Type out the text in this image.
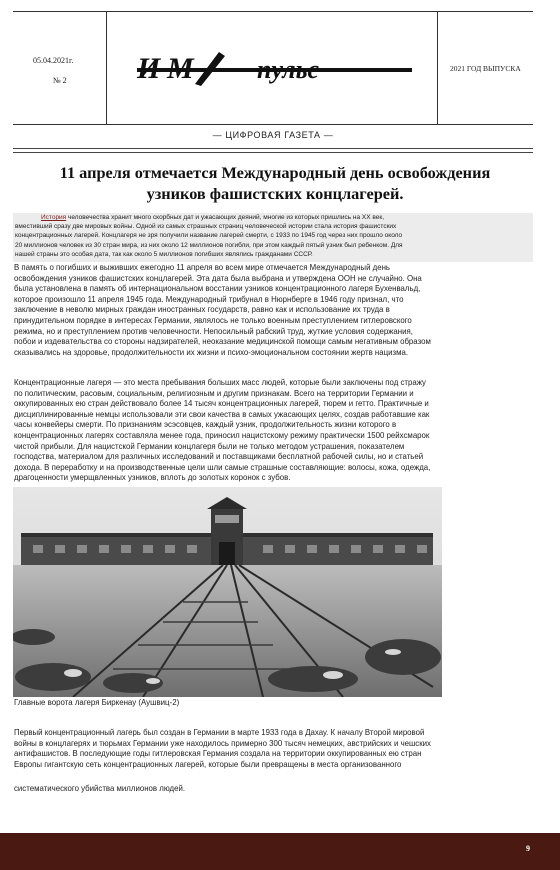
05.04.2021г.
№ 2 И М пульс	2021 ГОД ВЫПУСКА
— ЦИФРОВАЯ ГАЗЕТА —
11 апреля отмечается Международный день освобождения
узников фашистских концлагерей.
История человечества хранит много скорбных дат и ужасающих деяний, многие из которых пришлись на XX век,
вместивший сразу две мировых войны. Одной из самых страшных страниц человеческой истории стала история фашистских
концентрационных лагерей. Концлагеря не зря получили название лагерей смерти, с 1933 по 1945 год через них прошло около
20 миллионов человек из 30 стран мира, из них около 12 миллионов погибли, при этом каждый пятый узник был ребенком. Для
нашей страны это особая дата, так как около 5 миллионов погибших являлись гражданами СССР.
В память о погибших и выживших ежегодно 11 апреля во всем мире отмечается Международный день
освобождения узников фашистских концлагерей. Эта дата была выбрана и утверждена ООН не случайно. Она
была установлена в память об интернациональном восстании узников концентрационного лагеря Бухенвальд,
которое произошло 11 апреля 1945 года. Международный трибунал в Нюрнберге в 1946 году признал, что
заключение в неволю мирных граждан иностранных государств, равно как и использование их труда в
принудительном порядке в интересах Германии, являлось не только военным преступлением гитлеровского
режима, но и преступлением против человечности. Непосильный рабский труд, жуткие условия содержания,
побои и издевательства со стороны надзирателей, неоказание медицинской помощи самым негативным образом
сказывались на здоровье, продолжительности их жизни и психо-эмоциональном состоянии жертв нацизма.
Концентрационные лагеря — это места пребывания больших масс людей, которые были заключены под стражу
по политическим, расовым, социальным, религиозным и другим признакам. Всего на территории Германии и
оккупированных ею стран действовало более 14 тысяч концентрационных лагерей, тюрем и гетто. Практичные и
дисциплинированные немцы использовали эти свои качества в самых ужасающих целях, создав работавшие как
часы конвейеры смерти. По признаниям эсэсовцев, каждый узник, продолжительность жизни которого в
концентрационных лагерях составляла менее года, приносил нацистскому режиму практически 1500 рейхсмарок
чистой прибыли. Для нацистской Германии концлагеря были не только методом устрашения, показателем
господства, материалом для различных исследований и поставщиками бесплатной рабочей силы, но и статьей
дохода. В переработку и на производственные цели шли самые страшные составляющие: волосы, кожа, одежда,
драгоценности умерщвленных узников, вплоть до золотых коронок с зубов.
Главные ворота лагеря Биркенау (Аушвиц-2)
Первый концентрационный лагерь был создан в Германии в марте 1933 года в Дахау. К началу Второй мировой
войны в концлагерях и тюрьмах Германии уже находилось примерно 300 тысяч немецких, австрийских и чешских
антифашистов. В последующие годы гитлеровская Германия создала на территории оккупированных ею стран
Европы гигантскую сеть концентрационных лагерей, которые были превращены в места организованного
систематического убийства миллионов людей.
9
